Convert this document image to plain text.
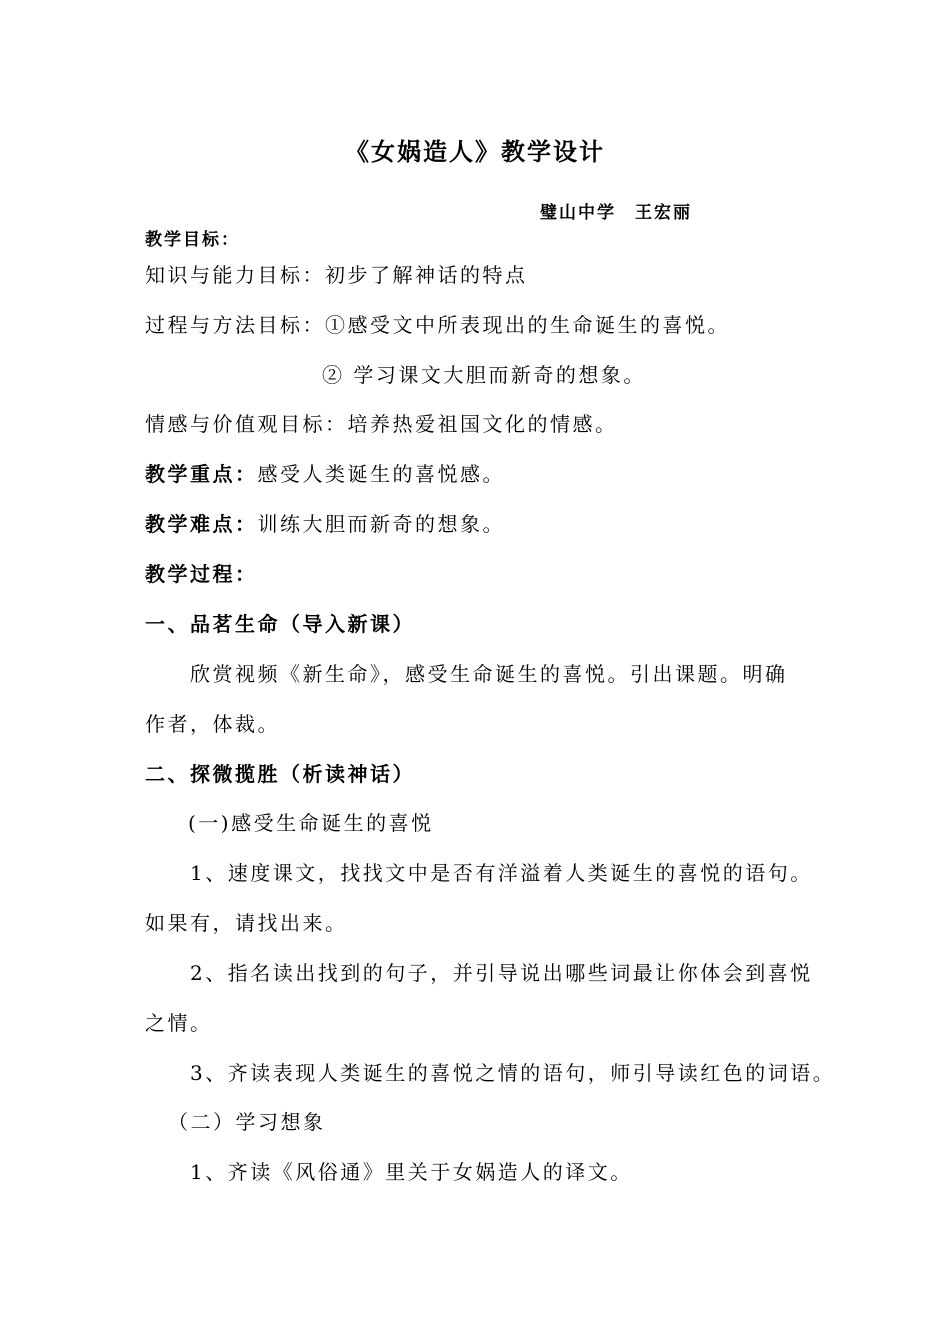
《女娲造人》教学设计
璧山中学　王宏丽
教学目标：
知识与能力目标：初步了解神话的特点
过程与方法目标：①感受文中所表现出的生命诞生的喜悦。
② 学习课文大胆而新奇的想象。
情感与价值观目标：培养热爱祖国文化的情感。
教学重点：感受人类诞生的喜悦感。
教学难点：训练大胆而新奇的想象。
教学过程：
一、品茗生命（导入新课）
欣赏视频《新生命》，感受生命诞生的喜悦。引出课题。明确
作者，体裁。
二、探微揽胜（析读神话）
(一)感受生命诞生的喜悦
1、速度课文，找找文中是否有洋溢着人类诞生的喜悦的语句。
如果有，请找出来。
2、指名读出找到的句子，并引导说出哪些词最让你体会到喜悦
之情。
3、齐读表现人类诞生的喜悦之情的语句，师引导读红色的词语。
（二）学习想象
1、齐读《风俗通》里关于女娲造人的译文。
